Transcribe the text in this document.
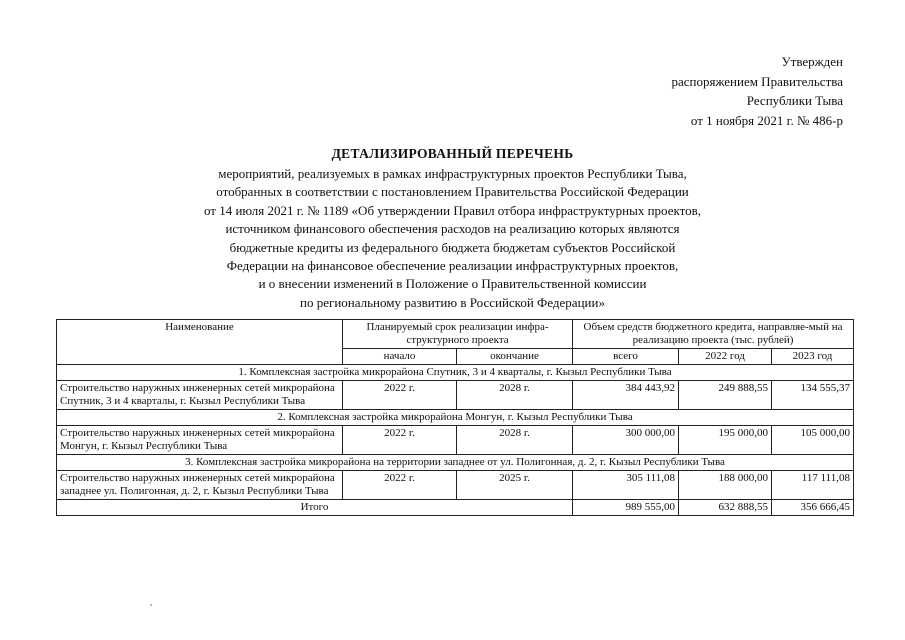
Утвержден
распоряжением Правительства
Республики Тыва
от 1 ноября 2021 г. № 486-р
ДЕТАЛИЗИРОВАННЫЙ ПЕРЕЧЕНЬ
мероприятий, реализуемых в рамках инфраструктурных проектов Республики Тыва,
отобранных в соответствии с постановлением Правительства Российской Федерации
от 14 июля 2021 г. № 1189 «Об утверждении Правил отбора инфраструктурных проектов,
источником финансового обеспечения расходов на реализацию которых являются
бюджетные кредиты из федерального бюджета бюджетам субъектов Российской
Федерации на финансовое обеспечение реализации инфраструктурных проектов,
и о внесении изменений в Положение о Правительственной комиссии
по региональному развитию в Российской Федерации»
Наименование	Планируемый срок реализации инфра-структурного проекта		Объем средств бюджетного кредита, направляе-мый на реализацию проекта (тыс. рублей)		
	начало	окончание	всего	2022 год	2023 год
1. Комплексная застройка микрорайона Спутник, 3 и 4 кварталы, г. Кызыл Республики Тыва					
Строительство наружных инженерных сетей микрорайона Спутник, 3 и 4 кварталы, г. Кызыл Республики Тыва	2022 г.	2028 г.	384 443,92	249 888,55	134 555,37
2. Комплексная застройка микрорайона Монгун, г. Кызыл Республики Тыва					
Строительство наружных инженерных сетей микрорайона Монгун, г. Кызыл Республики Тыва	2022 г.	2028 г.	300 000,00	195 000,00	105 000,00
3. Комплексная застройка микрорайона на территории западнее от ул. Полигонная, д. 2, г. Кызыл Республики Тыва					
Строительство наружных инженерных сетей микрорайона западнее ул. Полигонная, д. 2, г. Кызыл Республики Тыва	2022 г.	2025 г.	305 111,08	188 000,00	117 111,08
Итого			989 555,00	632 888,55	356 666,45
